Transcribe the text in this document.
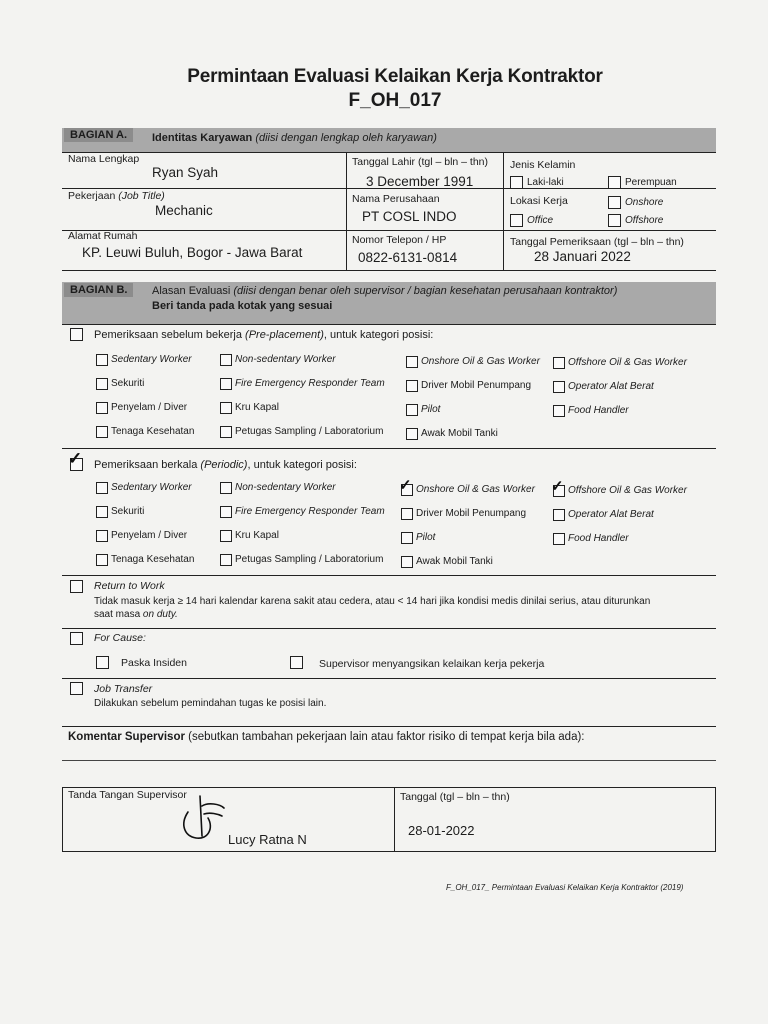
Permintaan Evaluasi Kelaikan Kerja Kontraktor
F_OH_017
BAGIAN A.	Identitas Karyawan (diisi dengan lengkap oleh karyawan)
Nama Lengkap
Ryan Syah
Tanggal Lahir (tgl – bln – thn)
3 December 1991
Jenis Kelamin
Laki-laki	Perempuan
Pekerjaan (Job Title)
Mechanic
Nama Perusahaan
PT COSL INDO
Lokasi Kerja	Onshore
Office	Offshore
Alamat Rumah
KP. Leuwi Buluh, Bogor - Jawa Barat
Nomor Telepon / HP
0822-6131-0814
Tanggal Pemeriksaan (tgl – bln – thn)
28 Januari 2022
BAGIAN B.	Alasan Evaluasi (diisi dengan benar oleh supervisor / bagian kesehatan perusahaan kontraktor)
Beri tanda pada kotak yang sesuai
Pemeriksaan sebelum bekerja (Pre-placement), untuk kategori posisi:
Sedentary Worker	Non-sedentary Worker	Onshore Oil & Gas Worker	Offshore Oil & Gas Worker
Sekuriti	Fire Emergency Responder Team	Driver Mobil Penumpang	Operator Alat Berat
Penyelam / Diver	Kru Kapal	Pilot	Food Handler
Tenaga Kesehatan	Petugas Sampling / Laboratorium	Awak Mobil Tanki
✓ Pemeriksaan berkala (Periodic), untuk kategori posisi:
Sedentary Worker	Non-sedentary Worker	✓ Onshore Oil & Gas Worker ✓ Offshore Oil & Gas Worker
Sekuriti	Fire Emergency Responder Team	Driver Mobil Penumpang	Operator Alat Berat
Penyelam / Diver	Kru Kapal	Pilot	Food Handler
Tenaga Kesehatan	Petugas Sampling / Laboratorium	Awak Mobil Tanki
Return to Work
Tidak masuk kerja ≥ 14 hari kalendar karena sakit atau cedera, atau < 14 hari jika kondisi medis dinilai serius, atau diturunkan
saat masa on duty.
For Cause:
Paska Insiden	Supervisor menyangsikan kelaikan kerja pekerja
Job Transfer
Dilakukan sebelum pemindahan tugas ke posisi lain.
Komentar Supervisor (sebutkan tambahan pekerjaan lain atau faktor risiko di tempat kerja bila ada):
Tanda Tangan Supervisor
Lucy Ratna N
Tanggal (tgl – bln – thn)
28-01-2022
F_OH_017_ Permintaan Evaluasi Kelaikan Kerja Kontraktor (2019)
